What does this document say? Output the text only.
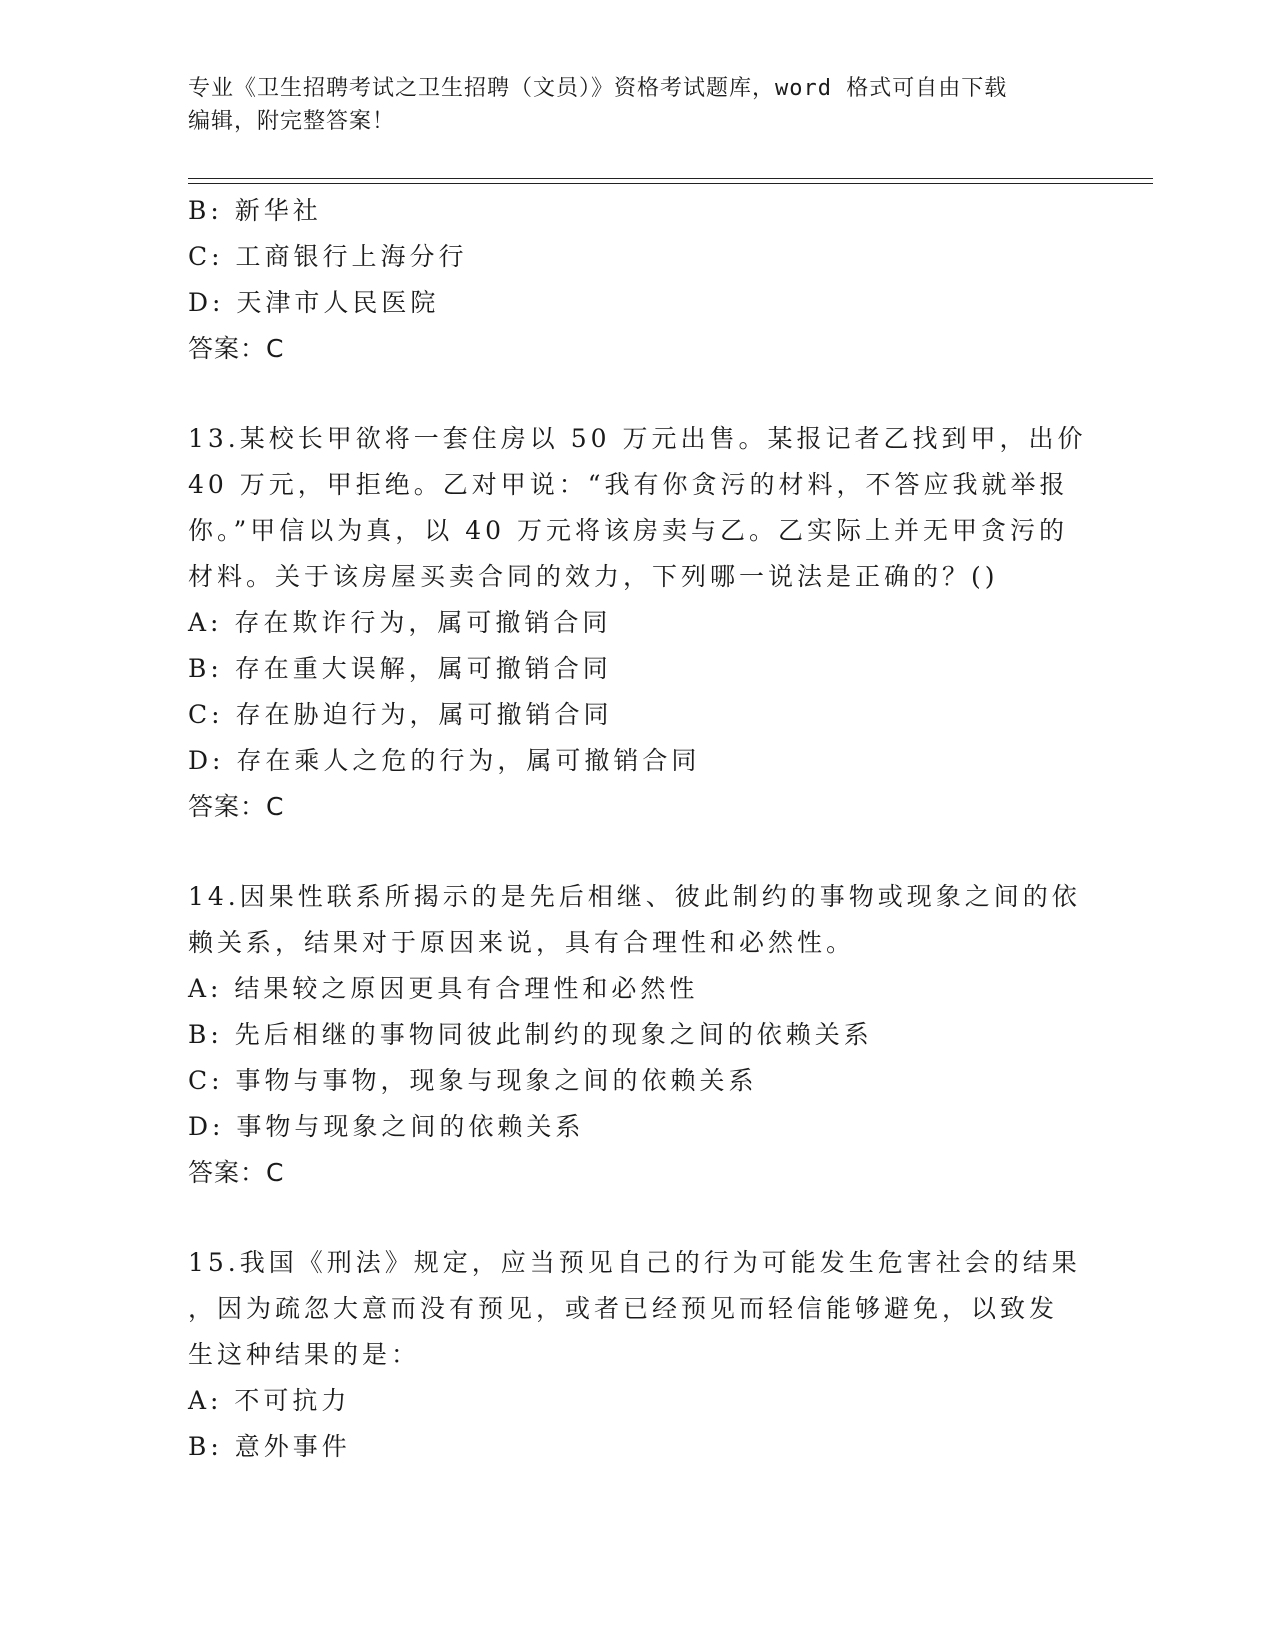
专业《卫生招聘考试之卫生招聘（文员）》资格考试题库，word 格式可自由下载
编辑，附完整答案！
B: 新华社
C: 工商银行上海分行
D: 天津市人民医院
答案：C
13.某校长甲欲将一套住房以 50 万元出售。某报记者乙找到甲，出价
40 万元，甲拒绝。乙对甲说：“我有你贪污的材料，不答应我就举报
你。”甲信以为真，以 40 万元将该房卖与乙。乙实际上并无甲贪污的
材料。关于该房屋买卖合同的效力，下列哪一说法是正确的？()
A: 存在欺诈行为，属可撤销合同
B: 存在重大误解，属可撤销合同
C: 存在胁迫行为，属可撤销合同
D: 存在乘人之危的行为，属可撤销合同
答案：C
14.因果性联系所揭示的是先后相继、彼此制约的事物或现象之间的依
赖关系，结果对于原因来说，具有合理性和必然性。
A: 结果较之原因更具有合理性和必然性
B: 先后相继的事物同彼此制约的现象之间的依赖关系
C: 事物与事物，现象与现象之间的依赖关系
D: 事物与现象之间的依赖关系
答案：C
15.我国《刑法》规定，应当预见自己的行为可能发生危害社会的结果
，因为疏忽大意而没有预见，或者已经预见而轻信能够避免，以致发
生这种结果的是：
A: 不可抗力
B: 意外事件
